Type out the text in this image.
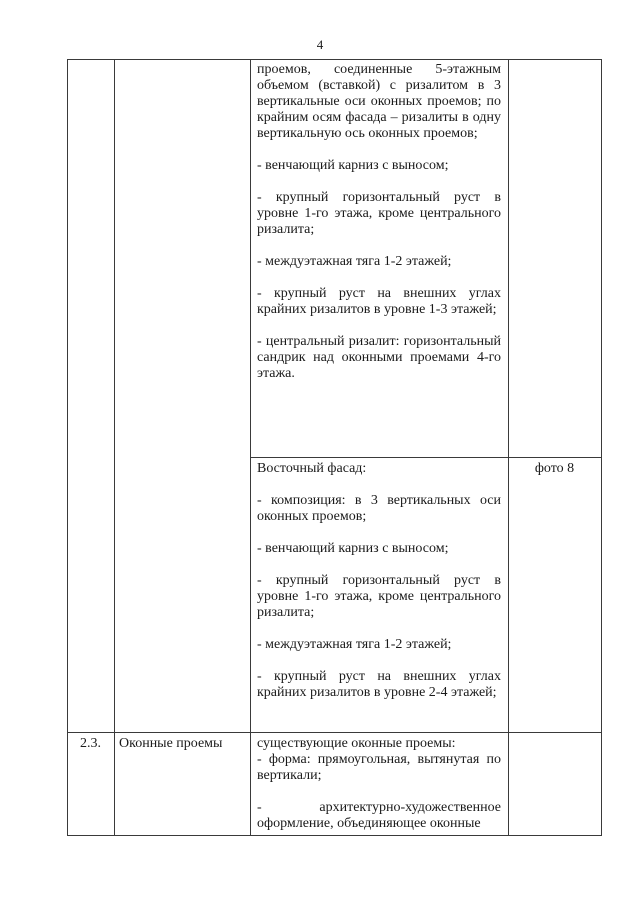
4

проемов, соединенные 5-этажным объемом (вставкой) с ризалитом в 3 вертикальные оси оконных проемов; по крайним осям фасада – ризалиты в одну вертикальную ось оконных проемов;

- венчающий карниз с выносом;

- крупный горизонтальный руст в уровне 1-го этажа, кроме центрального ризалита;

- междуэтажная тяга 1-2 этажей;

- крупный руст на внешних углах крайних ризалитов в уровне 1-3 этажей;

- центральный ризалит: горизонтальный сандрик над оконными проемами 4-го этажа.

Восточный фасад:

- композиция: в 3 вертикальных оси оконных проемов;

- венчающий карниз с выносом;

- крупный горизонтальный руст в уровне 1-го этажа, кроме центрального ризалита;

- междуэтажная тяга 1-2 этажей;

- крупный руст на внешних углах крайних ризалитов в уровне 2-4 этажей;

фото 8
2.3.	Оконные проемы	существующие оконные проемы:

- форма: прямоугольная, вытянутая по вертикали;

- архитектурно-художественное оформление, объединяющее оконные
